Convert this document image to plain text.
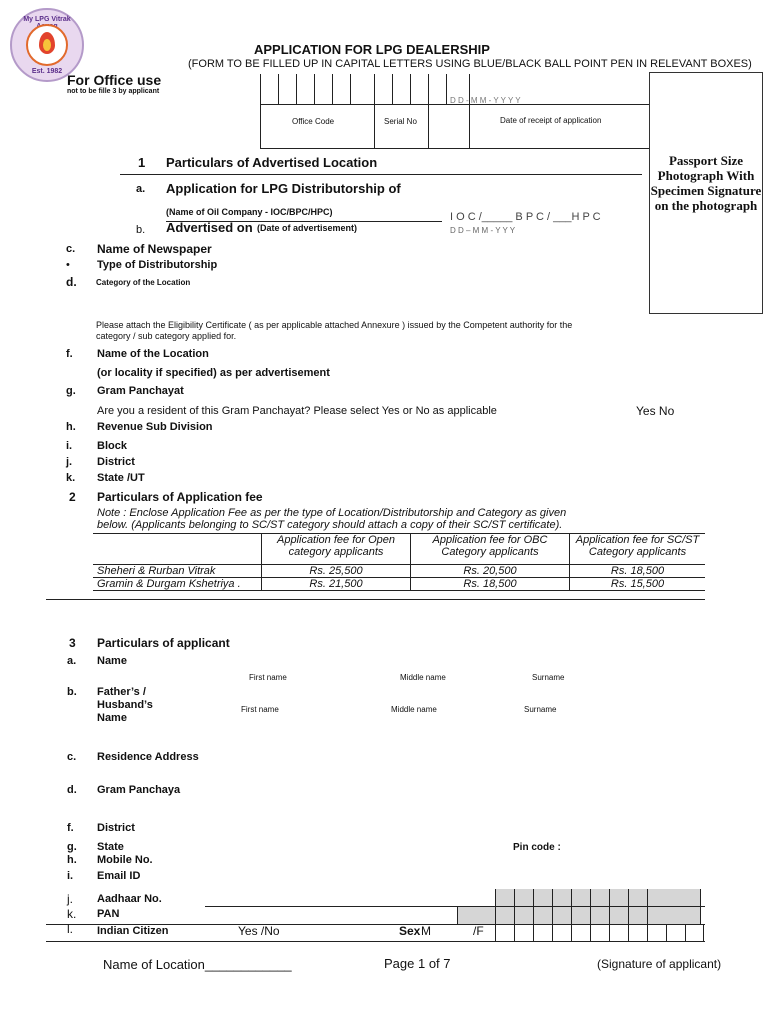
My LPG Vitrak
Est. 1982
APPLICATION FOR LPG DEALERSHIP
(FORM TO BE FILLED UP IN CAPITAL LETTERS USING BLUE/BLACK BALL POINT PEN IN RELEVANT BOXES)
For Office use
not to be fille 3 by applicant
D D - M M - Y Y Y Y
Office Code	Serial No	Date of receipt of application
Passport Size Photograph With Specimen Signature on the photograph
1 Particulars of Advertised Location
a. Application for LPG Distributorship of
(Name of Oil Company - IOC/BPC/HPC)	I O C /_____ B P C / ___H P C
b. Advertised on (Date of advertisement)	D D – M M - Y Y Y
c. Name of Newspaper
• Type of Distributorship
d. Category of the Location
Please attach the Eligibility Certificate ( as per applicable attached Annexure ) issued by the Competent authority for the
category / sub category applied for.
f. Name of the Location
(or locality if specified) as per advertisement
g. Gram Panchayat
Are you a resident of this Gram Panchayat? Please select Yes or No as applicable	Yes No
h. Revenue Sub Division
i. Block
j. District
k. State /UT
2 Particulars of Application fee
Note : Enclose Application Fee as per the type of Location/Distributorship and Category as given
below. (Applicants belonging to SC/ST category should attach a copy of their SC/ST certificate).
	Application fee for Open category applicants	Application fee for OBC Category applicants	Application fee for SC/ST Category applicants
Sheheri & Rurban Vitrak	Rs. 25,500	Rs. 20,500	Rs. 18,500
Gramin & Durgam Kshetriya .	Rs. 21,500	Rs. 18,500	Rs. 15,500
3 Particulars of applicant
a. Name
First name	Middle name	Surname
b. Father’s /
Husband’s
Name
First name	Middle name	Surname
c. Residence Address
d. Gram Panchaya
f. District
g. State	Pin code :
h. Mobile No.
i. Email ID
j. Aadhaar No.
k. PAN
l. Indian Citizen	Yes /No	Sex M	/F
Name of Location____________	Page 1 of 7	(Signature of applicant)
